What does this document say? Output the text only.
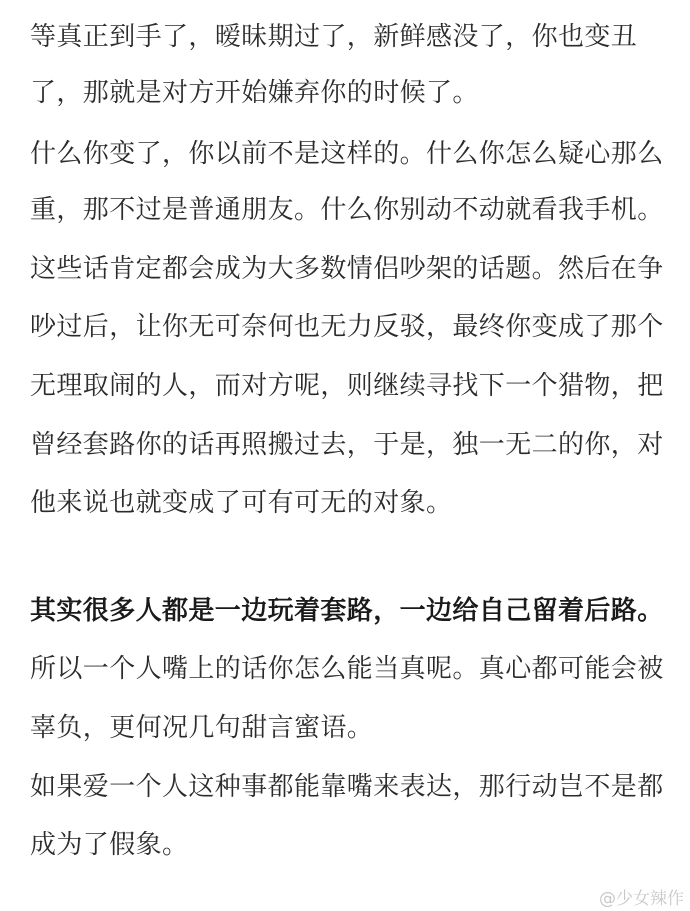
等真正到手了，暧昧期过了，新鲜感没了，你也变丑
了，那就是对方开始嫌弃你的时候了。
什么你变了，你以前不是这样的。什么你怎么疑心那么
重，那不过是普通朋友。什么你别动不动就看我手机。
这些话肯定都会成为大多数情侣吵架的话题。然后在争
吵过后，让你无可奈何也无力反驳，最终你变成了那个
无理取闹的人，而对方呢，则继续寻找下一个猎物，把
曾经套路你的话再照搬过去，于是，独一无二的你，对
他来说也就变成了可有可无的对象。
其实很多人都是一边玩着套路，一边给自己留着后路。
所以一个人嘴上的话你怎么能当真呢。真心都可能会被
辜负，更何况几句甜言蜜语。
如果爱一个人这种事都能靠嘴来表达，那行动岂不是都
成为了假象。
@少女辣作
